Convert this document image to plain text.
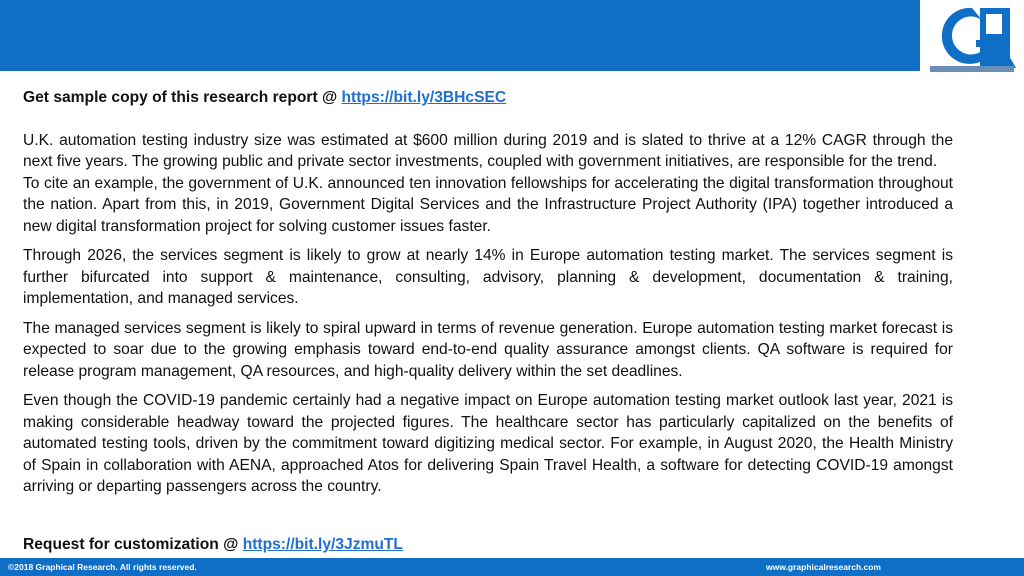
Get sample copy of this research report @ https://bit.ly/3BHcSEC

U.K. automation testing industry size was estimated at $600 million during 2019 and is slated to thrive at a 12% CAGR through the next five years. The growing public and private sector investments, coupled with government initiatives, are responsible for the trend.

To cite an example, the government of U.K. announced ten innovation fellowships for accelerating the digital transformation throughout the nation. Apart from this, in 2019, Government Digital Services and the Infrastructure Project Authority (IPA) together introduced a new digital transformation project for solving customer issues faster.

Through 2026, the services segment is likely to grow at nearly 14% in Europe automation testing market. The services segment is further bifurcated into support & maintenance, consulting, advisory, planning & development, documentation & training, implementation, and managed services.

The managed services segment is likely to spiral upward in terms of revenue generation. Europe automation testing market forecast is expected to soar due to the growing emphasis toward end-to-end quality assurance amongst clients. QA software is required for release program management, QA resources, and high-quality delivery within the set deadlines.

Even though the COVID-19 pandemic certainly had a negative impact on Europe automation testing market outlook last year, 2021 is making considerable headway toward the projected figures. The healthcare sector has particularly capitalized on the benefits of automated testing tools, driven by the commitment toward digitizing medical sector. For example, in August 2020, the Health Ministry of Spain in collaboration with AENA, approached Atos for delivering Spain Travel Health, a software for detecting COVID-19 amongst arriving or departing passengers across the country.

Request for customization @ https://bit.ly/3JzmuTL

©2018 Graphical Research. All rights reserved.	www.graphicalresearch.com
